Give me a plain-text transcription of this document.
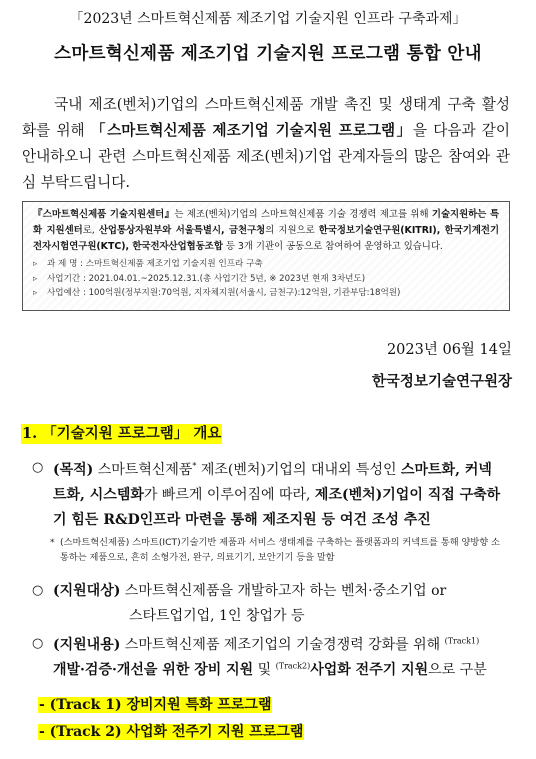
「2023년 스마트혁신제품 제조기업 기술지원 인프라 구축과제」
스마트혁신제품 제조기업 기술지원 프로그램 통합 안내
국내 제조(벤처)기업의 스마트혁신제품 개발 촉진 및 생태계 구축 활성화를 위해 「스마트혁신제품 제조기업 기술지원 프로그램」을 다음과 같이 안내하오니 관련 스마트혁신제품 제조(벤처)기업 관계자들의 많은 참여와 관심 부탁드립니다.
『스마트혁신제품 기술지원센터』는 제조(벤처)기업의 스마트혁신제품 기술 경쟁력 제고를 위해 기술지원하는 특화 지원센터로, 산업통상자원부와 서울특별시, 금천구청의 지원으로 한국정보기술연구원(KITRI), 한국기계전기전자시험연구원(KTC), 한국전자산업협동조합 등 3개 기관이 공동으로 참여하여 운영하고 있습니다.
▹ 과 제 명 : 스마트혁신제품 제조기업 기술지원 인프라 구축
▹ 사업기간 : 2021.04.01.~2025.12.31.(총 사업기간 5년, ※ 2023년 현재 3차년도)
▹ 사업예산 : 100억원(정부지원:70억원, 지자체지원(서울시, 금천구):12억원, 기관부담:18억원)
2023년 06월 14일
한국정보기술연구원장
1. 「기술지원 프로그램」 개요
○ (목적) 스마트혁신제품* 제조(벤처)기업의 대내외 특성인 스마트화, 커넥트화, 시스템화가 빠르게 이루어짐에 따라, 제조(벤처)기업이 직접 구축하기 힘든 R&D인프라 마련을 통해 제조지원 등 여건 조성 추진
* (스마트혁신제품) 스마트(ICT)기술기반 제품과 서비스 생태계를 구축하는 플랫폼과의 커넥트를 통해 양방향 소통하는 제품으로, 흔히 소형가전, 완구, 의료기기, 보안기기 등을 말함
○ (지원대상) 스마트혁신제품을 개발하고자 하는 벤처·중소기업 or
스타트업기업, 1인 창업가 등
○ (지원내용) 스마트혁신제품 제조기업의 기술경쟁력 강화를 위해 $^{(Track1)}$
개발·검증·개선을 위한 장비 지원 및 $^{(Track2)}$사업화 전주기 지원으로 구분
- (Track 1) 장비지원 특화 프로그램
- (Track 2) 사업화 전주기 지원 프로그램
